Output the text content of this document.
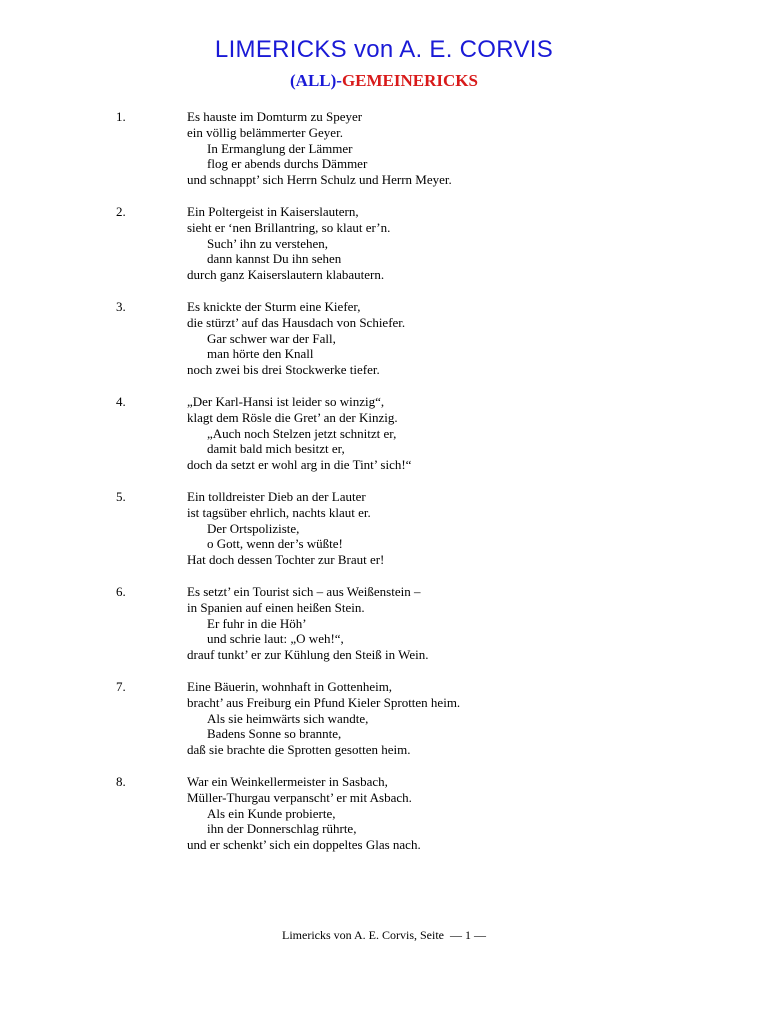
LIMERICKS von A. E. CORVIS
(ALL)-GEMEINERICKS
1.	Es hauste im Domturm zu Speyer
ein völlig belämmerter Geyer.
In Ermanglung der Lämmer
flog er abends durchs Dämmer
und schnappt’ sich Herrn Schulz und Herrn Meyer.
2.	Ein Poltergeist in Kaiserslautern,
sieht er ‘nen Brillantring, so klaut er’n.
Such’ ihn zu verstehen,
dann kannst Du ihn sehen
durch ganz Kaiserslautern klabautern.
3.	Es knickte der Sturm eine Kiefer,
die stürzt’ auf das Hausdach von Schiefer.
Gar schwer war der Fall,
man hörte den Knall
noch zwei bis drei Stockwerke tiefer.
4.	„Der Karl-Hansi ist leider so winzig“,
klagt dem Rösle die Gret’ an der Kinzig.
„Auch noch Stelzen jetzt schnitzt er,
damit bald mich besitzt er,
doch da setzt er wohl arg in die Tint’ sich!“
5.	Ein tolldreister Dieb an der Lauter
ist tagsüber ehrlich, nachts klaut er.
Der Ortspoliziste,
o Gott, wenn der’s wüßte!
Hat doch dessen Tochter zur Braut er!
6.	Es setzt’ ein Tourist sich – aus Weißenstein –
in Spanien auf einen heißen Stein.
Er fuhr in die Höh’
und schrie laut: „O weh!“,
drauf tunkt’ er zur Kühlung den Steiß in Wein.
7.	Eine Bäuerin, wohnhaft in Gottenheim,
bracht’ aus Freiburg ein Pfund Kieler Sprotten heim.
Als sie heimwärts sich wandte,
Badens Sonne so brannte,
daß sie brachte die Sprotten gesotten heim.
8.	War ein Weinkellermeister in Sasbach,
Müller-Thurgau verpanscht’ er mit Asbach.
Als ein Kunde probierte,
ihn der Donnerschlag rührte,
und er schenkt’ sich ein doppeltes Glas nach.
Limericks von A. E. Corvis, Seite — 1 —
